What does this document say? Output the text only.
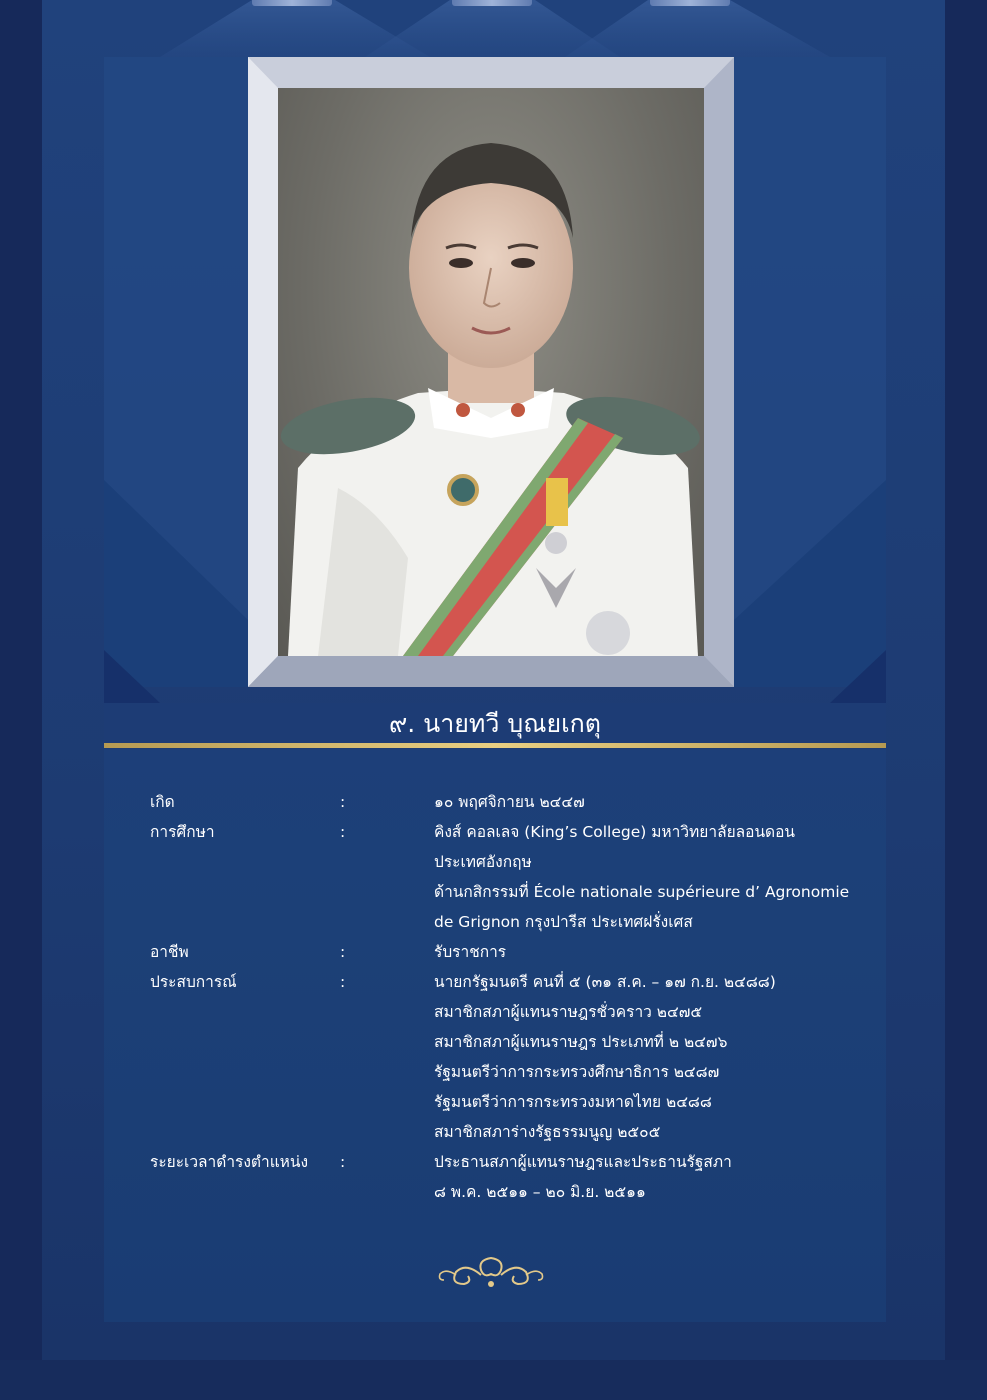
๙. นายทวี บุณยเกตุ
เกิด	:	๑๐ พฤศจิกายน ๒๔๔๗
การศึกษา	:	คิงส์ คอลเลจ (King’s College) มหาวิทยาลัยลอนดอน
ประเทศอังกฤษ
ด้านกสิกรรมที่ École nationale supérieure d’ Agronomie
de Grignon กรุงปารีส ประเทศฝรั่งเศส
อาชีพ	:	รับราชการ
ประสบการณ์	:	นายกรัฐมนตรี คนที่ ๕ (๓๑ ส.ค. – ๑๗ ก.ย. ๒๔๘๘)
สมาชิกสภาผู้แทนราษฎรชั่วคราว ๒๔๗๕
สมาชิกสภาผู้แทนราษฎร ประเภทที่ ๒ ๒๔๗๖
รัฐมนตรีว่าการกระทรวงศึกษาธิการ ๒๔๘๗
รัฐมนตรีว่าการกระทรวงมหาดไทย ๒๔๘๘
สมาชิกสภาร่างรัฐธรรมนูญ ๒๕๐๕
ระยะเวลาดำรงตำแหน่ง :	ประธานสภาผู้แทนราษฎรและประธานรัฐสภา
๘ พ.ค. ๒๕๑๑ – ๒๐ มิ.ย. ๒๕๑๑
